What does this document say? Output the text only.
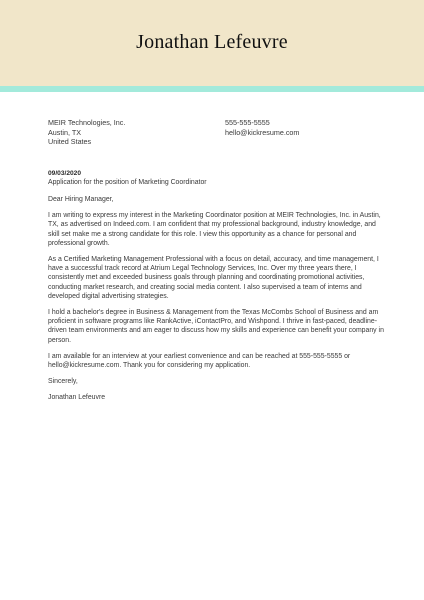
Jonathan Lefeuvre
MEIR Technologies, Inc.
Austin, TX
United States
555-555-5555
hello@kickresume.com
09/03/2020
Application for the position of Marketing Coordinator

Dear Hiring Manager,

I am writing to express my interest in the Marketing Coordinator position at MEIR Technologies, Inc. in Austin, TX, as advertised on Indeed.com. I am confident that my professional background, industry knowledge, and skill set make me a strong candidate for this role. I view this opportunity as a chance for personal and professional growth.

As a Certified Marketing Management Professional with a focus on detail, accuracy, and time management, I have a successful track record at Atrium Legal Technology Services, Inc. Over my three years there, I consistently met and exceeded business goals through planning and coordinating promotional activities, conducting market research, and creating social media content. I also supervised a team of interns and developed digital advertising strategies.

I hold a bachelor's degree in Business & Management from the Texas McCombs School of Business and am proficient in software programs like RankActive, iContactPro, and Wishpond. I thrive in fast-paced, deadline-driven team environments and am eager to discuss how my skills and experience can benefit your company in person.

I am available for an interview at your earliest convenience and can be reached at 555-555-5555 or hello@kickresume.com. Thank you for considering my application.

Sincerely,

Jonathan Lefeuvre
